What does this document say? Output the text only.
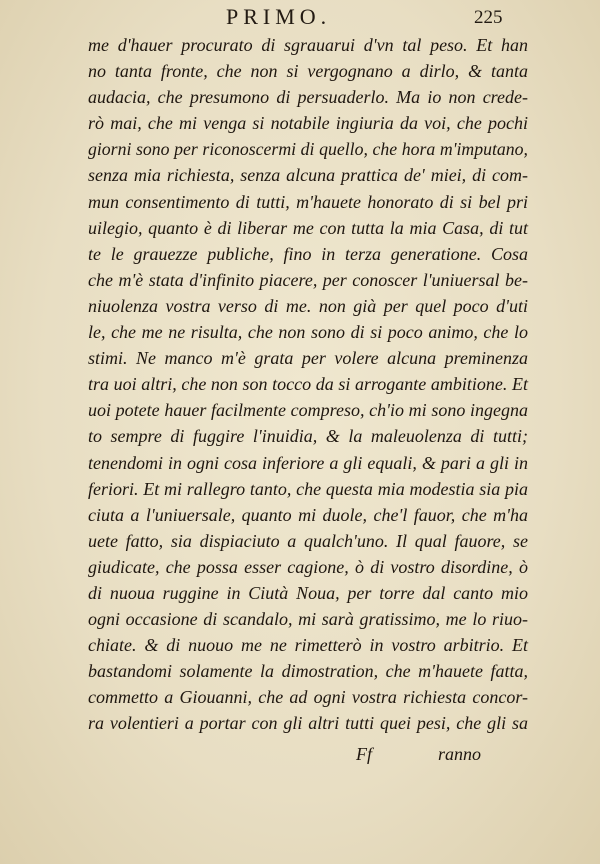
PRIMO.	225
me d'hauer procurato di sgrauarui d'vn tal peso. Et han
no tanta fronte, che non si vergognano a dirlo, & tanta
audacia, che presumono di persuaderlo. Ma io non crede-
rò mai, che mi venga si notabile ingiuria da voi, che pochi
giorni sono per riconoscermi di quello, che hora m'imputano,
senza mia richiesta, senza alcuna prattica de' miei, di com-
mun consentimento di tutti, m'hauete honorato di si bel pri
uilegio, quanto è di liberar me con tutta la mia Casa, di tut
te le grauezze publiche, fino in terza generatione. Cosa
che m'è stata d'infinito piacere, per conoscer l'uniuersal be-
niuolenza vostra verso di me. non già per quel poco d'uti
le, che me ne risulta, che non sono di si poco animo, che lo
stimi. Ne manco m'è grata per volere alcuna preminenza
tra uoi altri, che non son tocco da si arrogante ambitione. Et
uoi potete hauer facilmente compreso, ch'io mi sono ingegna
to sempre di fuggire l'inuidia, & la maleuolenza di tutti;
tenendomi in ogni cosa inferiore a gli equali, & pari a gli in
feriori. Et mi rallegro tanto, che questa mia modestia sia pia
ciuta a l'uniuersale, quanto mi duole, che'l fauor, che m'ha
uete fatto, sia dispiaciuto a qualch'uno. Il qual fauore, se
giudicate, che possa esser cagione, ò di vostro disordine, ò
di nuoua ruggine in Ciutà Noua, per torre dal canto mio
ogni occasione di scandalo, mi sarà gratissimo, me lo riuo-
chiate. & di nuouo me ne rimetterò in vostro arbitrio. Et
bastandomi solamente la dimostration, che m'hauete fatta,
commetto a Giouanni, che ad ogni vostra richiesta concor-
ra volentieri a portar con gli altri tutti quei pesi, che gli sa
Ff	ranno
